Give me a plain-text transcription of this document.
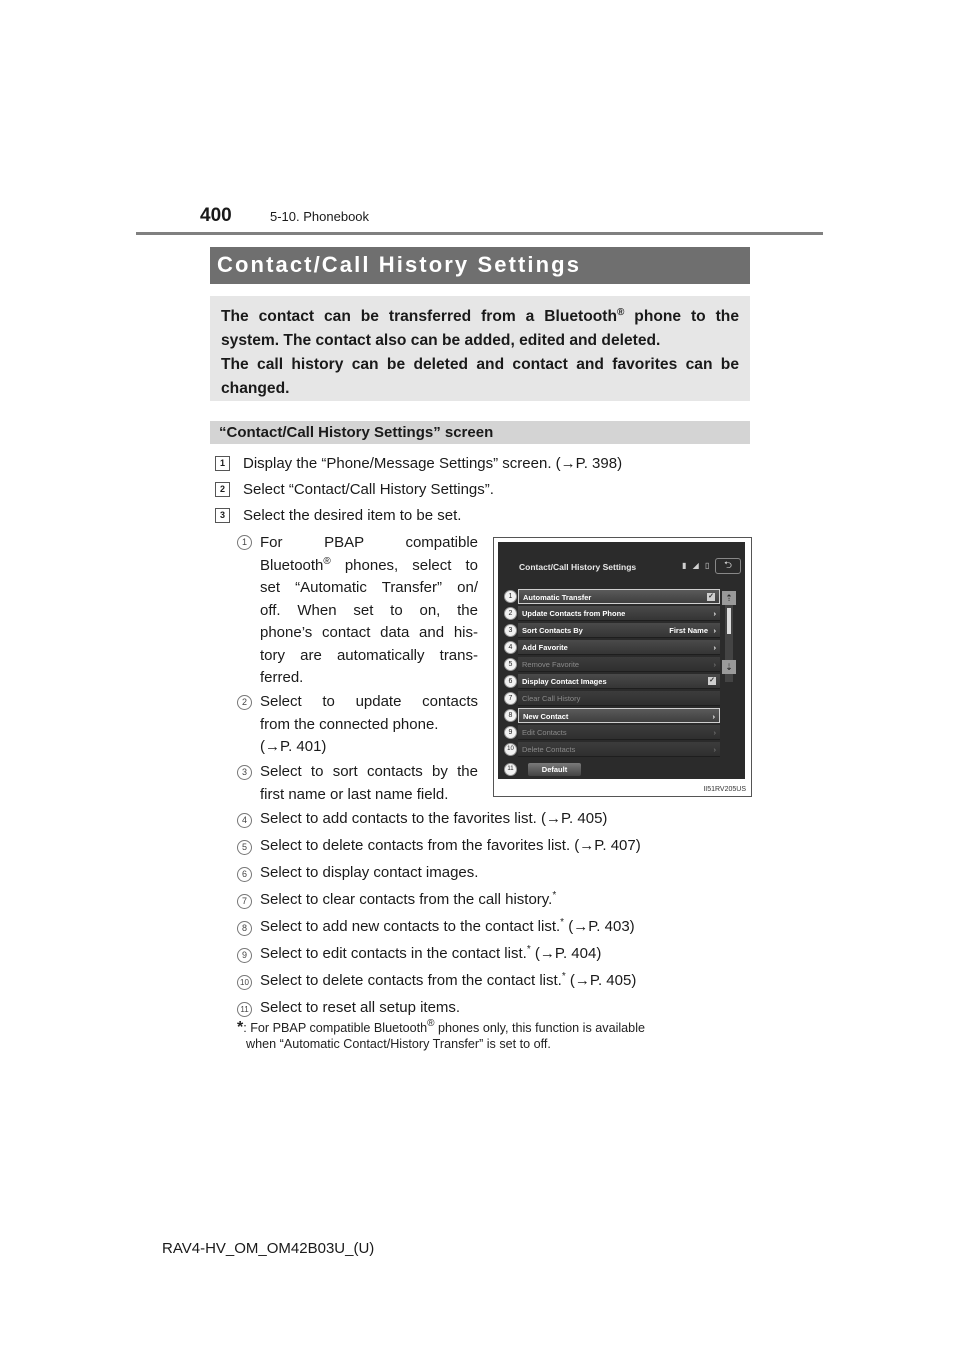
400	5-10. Phonebook
Contact/Call History Settings

The contact can be transferred from a Bluetooth® phone to the

system. The contact also can be added, edited and deleted.

The call history can be deleted and contact and favorites can be

changed.

“Contact/Call History Settings” screen
1	Display the “Phone/Message Settings” screen. (→P. 398)
2	Select “Contact/Call History Settings”.
3	Select the desired item to be set.
1 For PBAP compatible
Bluetooth® phones, select to
set “Automatic Transfer” on/
off. When set to on, the
phone’s contact data and his-
tory are automatically trans-
ferred.
2 Select to update contacts
from the connected phone.
(→P. 401)
3 Select to sort contacts by the
first name or last name field.
4 Select to add contacts to the favorites list. (→P. 405)
5 Select to delete contacts from the favorites list. (→P. 407)
6 Select to display contact images.
7 Select to clear contacts from the call history.*
8 Select to add new contacts to the contact list.* (→P. 403)
9 Select to edit contacts in the contact list.* (→P. 404)
10 Select to delete contacts from the contact list.* (→P. 405)
11 Select to reset all setup items.
*: For PBAP compatible Bluetooth® phones only, this function is available
when “Automatic Contact/History Transfer” is set to off.
Contact/Call History Settings	▮ ◢ ▯	⮌
1	Automatic Transfer	✓
2	Update Contacts from Phone	›
3	Sort Contacts By	First Name ›
4	Add Favorite	›
5	Remove Favorite	›
6	Display Contact Images	✓
7	Clear Call History
8	New Contact	›
9	Edit Contacts	›
10	Delete Contacts	›
11	Default
⇡
⇣
II51RV205US
RAV4-HV_OM_OM42B03U_(U)
